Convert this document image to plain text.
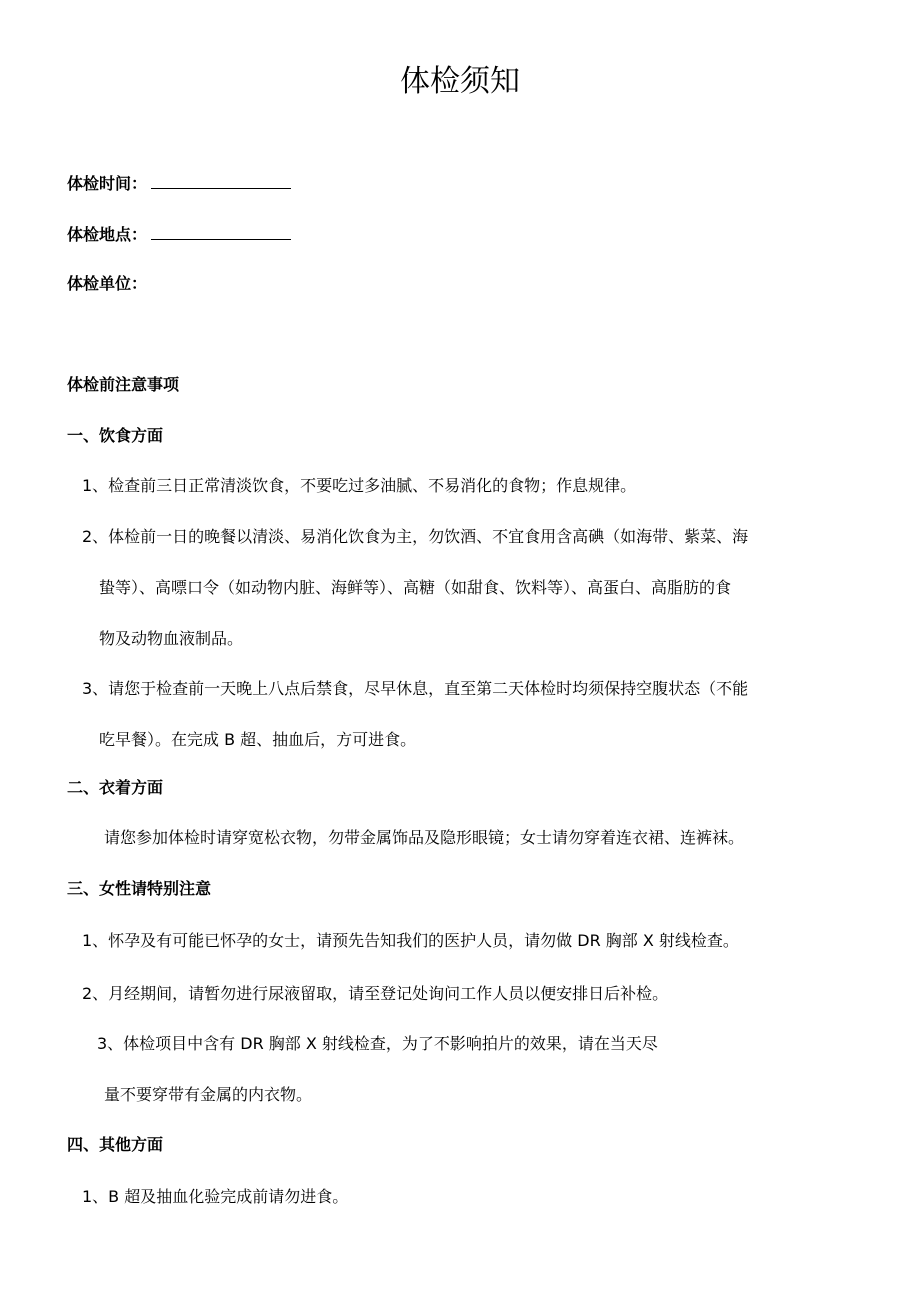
体检须知
体检时间：
体检地点：
体检单位：
体检前注意事项
一、饮食方面
1、检查前三日正常清淡饮食，不要吃过多油腻、不易消化的食物；作息规律。
2、体检前一日的晚餐以清淡、易消化饮食为主，勿饮酒、不宜食用含高碘（如海带、紫菜、海
蛰等）、高嘌口令（如动物内脏、海鲜等）、高糖（如甜食、饮料等）、高蛋白、高脂肪的食
物及动物血液制品。
3、请您于检查前一天晚上八点后禁食，尽早休息，直至第二天体检时均须保持空腹状态（不能
吃早餐）。在完成 B 超、抽血后，方可进食。
二、衣着方面
请您参加体检时请穿宽松衣物，勿带金属饰品及隐形眼镜；女士请勿穿着连衣裙、连裤袜。
三、女性请特别注意
1、怀孕及有可能已怀孕的女士，请预先告知我们的医护人员，请勿做 DR 胸部 X 射线检查。
2、月经期间，请暂勿进行尿液留取，请至登记处询问工作人员以便安排日后补检。
3、体检项目中含有 DR 胸部 X 射线检查，为了不影响拍片的效果，请在当天尽
量不要穿带有金属的内衣物。
四、其他方面
1、B 超及抽血化验完成前请勿进食。
